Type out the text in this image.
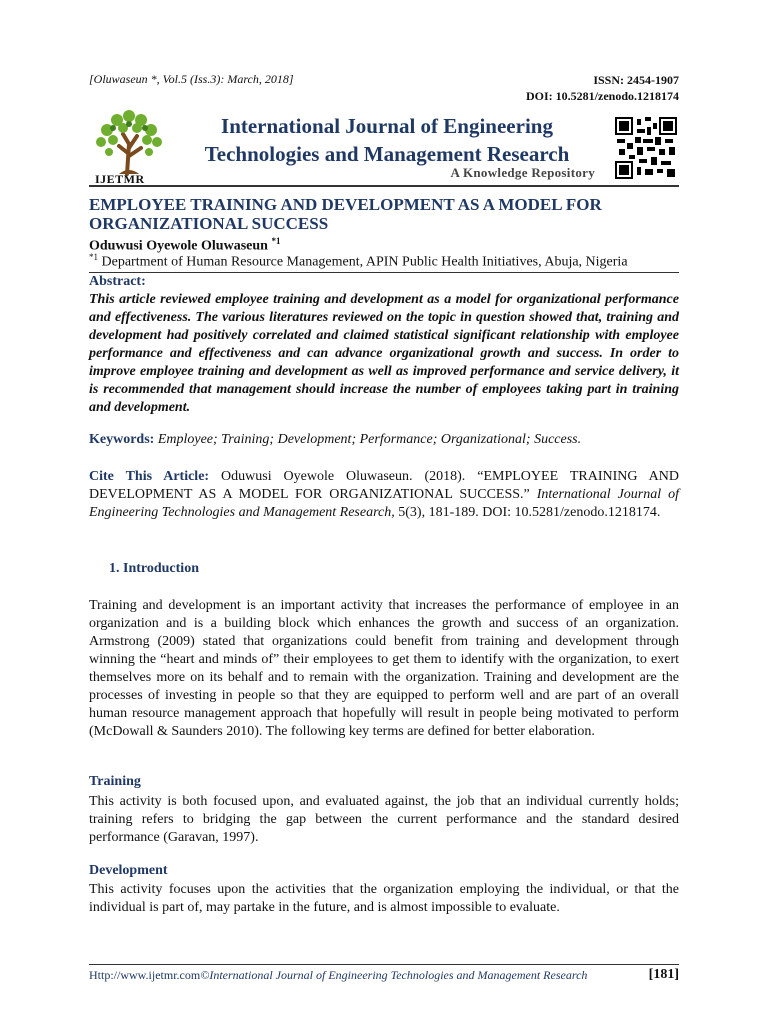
[Oluwaseun *, Vol.5 (Iss.3): March, 2018]	ISSN: 2454-1907
DOI: 10.5281/zenodo.1218174
IJETMR
International Journal of Engineering
Technologies and Management Research
A Knowledge Repository
EMPLOYEE TRAINING AND DEVELOPMENT AS A MODEL FOR ORGANIZATIONAL SUCCESS
Oduwusi Oyewole Oluwaseun $^{*1}$
$^{*1}$ Department of Human Resource Management, APIN Public Health Initiatives, Abuja, Nigeria
Abstract:
This article reviewed employee training and development as a model for organizational performance and effectiveness. The various literatures reviewed on the topic in question showed that, training and development had positively correlated and claimed statistical significant relationship with employee performance and effectiveness and can advance organizational growth and success. In order to improve employee training and development as well as improved performance and service delivery, it is recommended that management should increase the number of employees taking part in training and development.
Keywords: Employee; Training; Development; Performance; Organizational; Success.
Cite This Article: Oduwusi Oyewole Oluwaseun. (2018). “EMPLOYEE TRAINING AND DEVELOPMENT AS A MODEL FOR ORGANIZATIONAL SUCCESS.” International Journal of Engineering Technologies and Management Research, 5(3), 181-189. DOI: 10.5281/zenodo.1218174.
1. Introduction
Training and development is an important activity that increases the performance of employee in an organization and is a building block which enhances the growth and success of an organization. Armstrong (2009) stated that organizations could benefit from training and development through winning the “heart and minds of” their employees to get them to identify with the organization, to exert themselves more on its behalf and to remain with the organization. Training and development are the processes of investing in people so that they are equipped to perform well and are part of an overall human resource management approach that hopefully will result in people being motivated to perform (McDowall & Saunders 2010). The following key terms are defined for better elaboration.
Training
This activity is both focused upon, and evaluated against, the job that an individual currently holds; training refers to bridging the gap between the current performance and the standard desired performance (Garavan, 1997).
Development
This activity focuses upon the activities that the organization employing the individual, or that the individual is part of, may partake in the future, and is almost impossible to evaluate.
Http://www.ijetmr.com©International Journal of Engineering Technologies and Management Research	[181]
